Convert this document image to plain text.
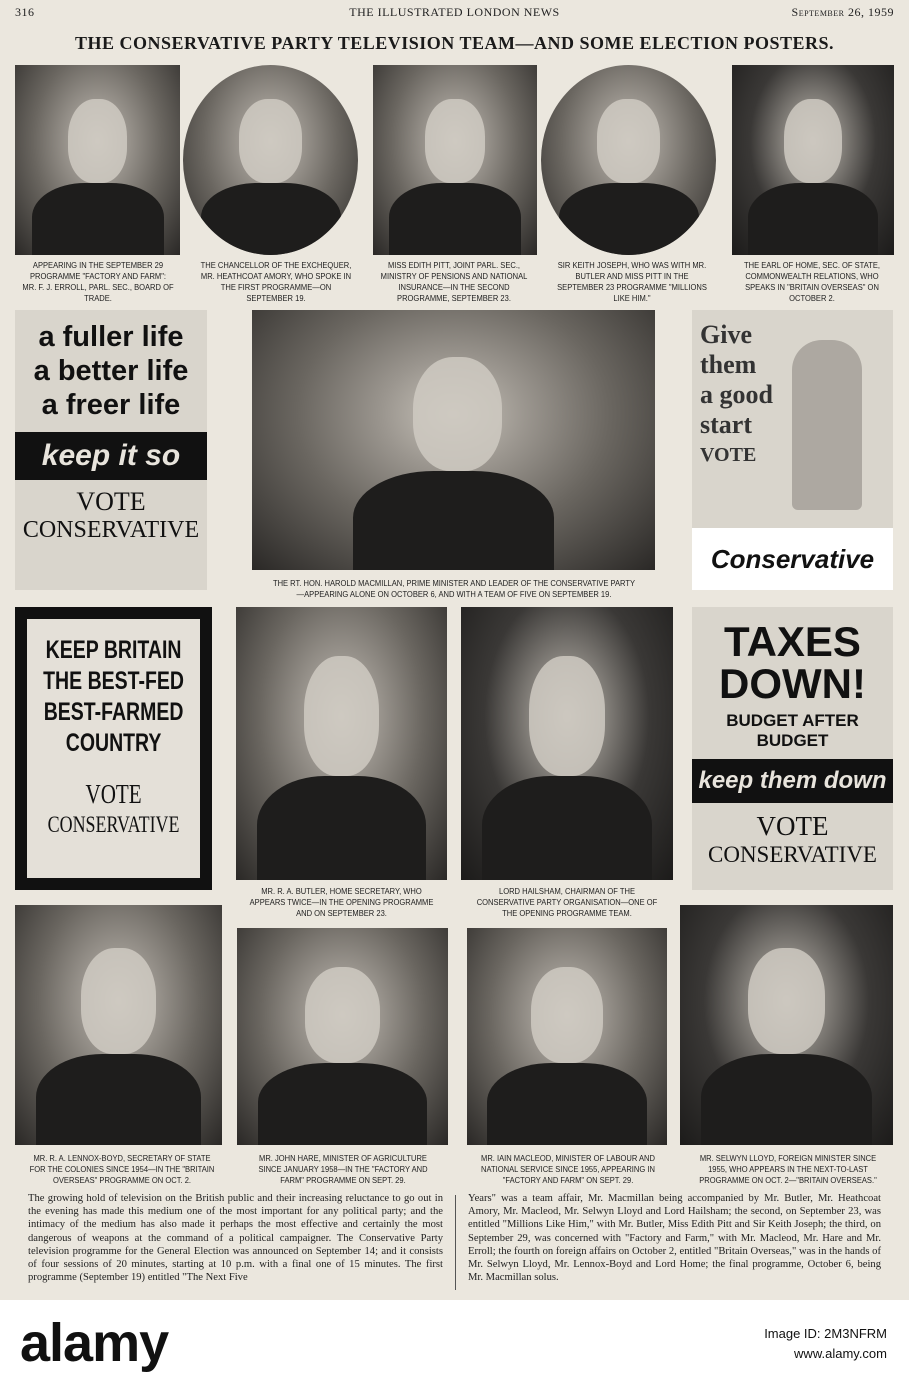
316	THE ILLUSTRATED LONDON NEWS	September 26, 1959
THE CONSERVATIVE PARTY TELEVISION TEAM—AND SOME ELECTION POSTERS.
APPEARING IN THE SEPTEMBER 29 PROGRAMME "FACTORY AND FARM": MR. F. J. ERROLL, PARL. SEC., BOARD OF TRADE.
THE CHANCELLOR OF THE EXCHEQUER, MR. HEATHCOAT AMORY, WHO SPOKE IN THE FIRST PROGRAMME—ON SEPTEMBER 19.
MISS EDITH PITT, JOINT PARL. SEC., MINISTRY OF PENSIONS AND NATIONAL INSURANCE—IN THE SECOND PROGRAMME, SEPTEMBER 23.
SIR KEITH JOSEPH, WHO WAS WITH MR. BUTLER AND MISS PITT IN THE SEPTEMBER 23 PROGRAMME "MILLIONS LIKE HIM."
THE EARL OF HOME, SEC. OF STATE, COMMONWEALTH RELATIONS, WHO SPEAKS IN "BRITAIN OVERSEAS" ON OCTOBER 2.
a fuller life
a better life
a freer life
keep it so
VOTE
CONSERVATIVE
THE RT. HON. HAROLD MACMILLAN, PRIME MINISTER AND LEADER OF THE CONSERVATIVE PARTY—APPEARING ALONE ON OCTOBER 6, AND WITH A TEAM OF FIVE ON SEPTEMBER 19.
Give
them
a good
start
VOTE
Conservative
KEEP BRITAIN
THE BEST-FED
BEST-FARMED
COUNTRY
VOTE
CONSERVATIVE
MR. R. A. BUTLER, HOME SECRETARY, WHO APPEARS TWICE—IN THE OPENING PROGRAMME AND ON SEPTEMBER 23.
LORD HAILSHAM, CHAIRMAN OF THE CONSERVATIVE PARTY ORGANISATION—ONE OF THE OPENING PROGRAMME TEAM.
TAXES
DOWN!
BUDGET AFTER BUDGET
keep them down
VOTE
CONSERVATIVE
MR. R. A. LENNOX-BOYD, SECRETARY OF STATE FOR THE COLONIES SINCE 1954—IN THE "BRITAIN OVERSEAS" PROGRAMME ON OCT. 2.
MR. JOHN HARE, MINISTER OF AGRICULTURE SINCE JANUARY 1958—IN THE "FACTORY AND FARM" PROGRAMME ON SEPT. 29.
MR. IAIN MACLEOD, MINISTER OF LABOUR AND NATIONAL SERVICE SINCE 1955, APPEARING IN "FACTORY AND FARM" ON SEPT. 29.
MR. SELWYN LLOYD, FOREIGN MINISTER SINCE 1955, WHO APPEARS IN THE NEXT-TO-LAST PROGRAMME ON OCT. 2—"BRITAIN OVERSEAS."
The growing hold of television on the British public and their increasing reluctance to go out in the evening has made this medium one of the most important for any political party; and the intimacy of the medium has also made it perhaps the most effective and certainly the most dangerous of weapons at the command of a political campaigner. The Conservative Party television programme for the General Election was announced on September 14; and it consists of four sessions of 20 minutes, starting at 10 p.m. with a final one of 15 minutes. The first programme (September 19) entitled "The Next Five
Years" was a team affair, Mr. Macmillan being accompanied by Mr. Butler, Mr. Heathcoat Amory, Mr. Macleod, Mr. Selwyn Lloyd and Lord Hailsham; the second, on September 23, was entitled "Millions Like Him," with Mr. Butler, Miss Edith Pitt and Sir Keith Joseph; the third, on September 29, was concerned with "Factory and Farm," with Mr. Macleod, Mr. Hare and Mr. Erroll; the fourth on foreign affairs on October 2, entitled "Britain Overseas," was in the hands of Mr. Selwyn Lloyd, Mr. Lennox-Boyd and Lord Home; the final programme, October 6, being Mr. Macmillan solus.
alamy	Image ID: 2M3NFRM
www.alamy.com
